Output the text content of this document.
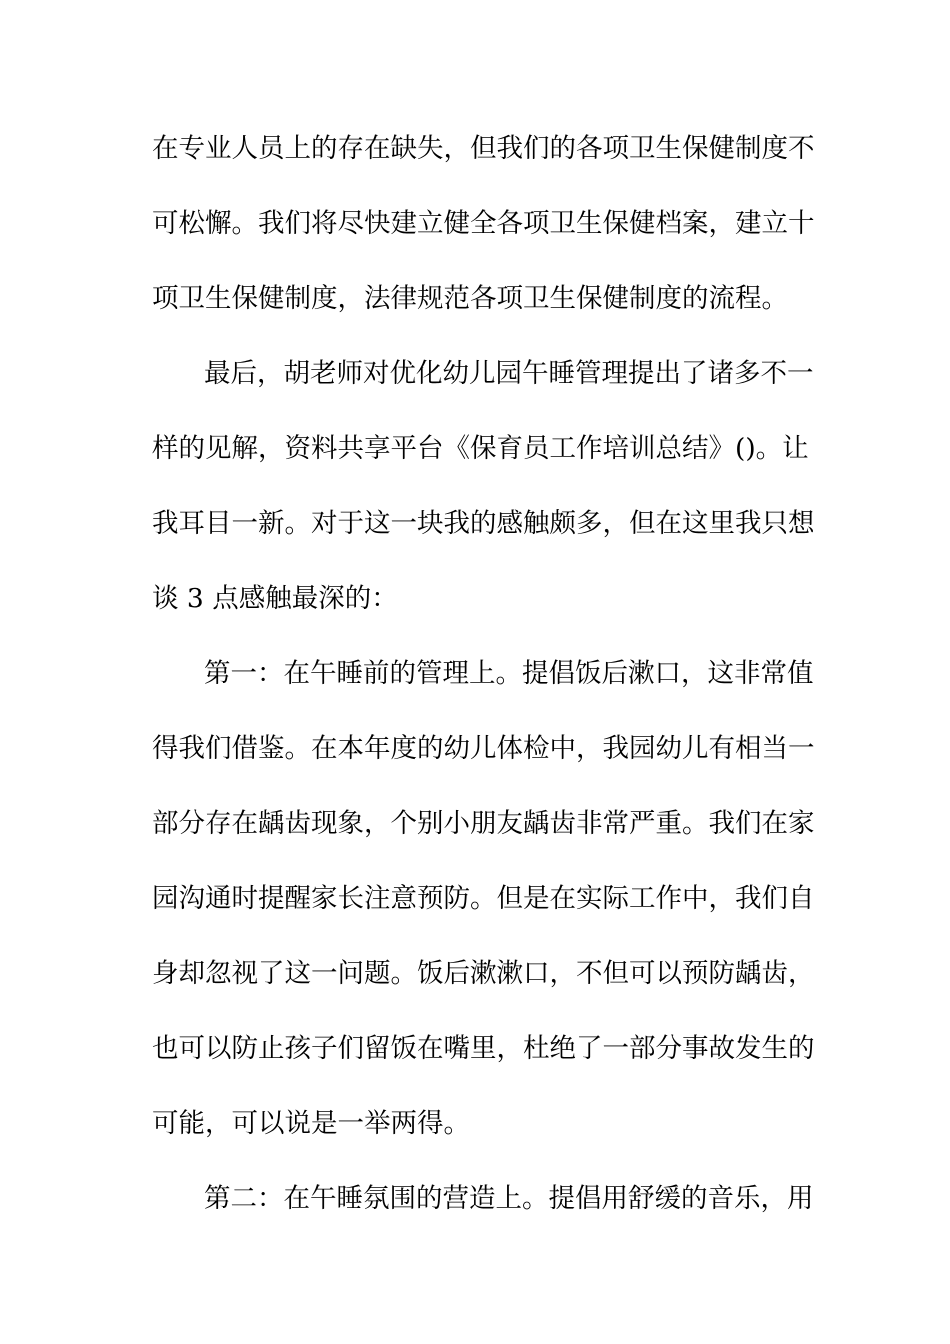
在专业人员上的存在缺失，但我们的各项卫生保健制度不
可松懈。我们将尽快建立健全各项卫生保健档案，建立十
项卫生保健制度，法律规范各项卫生保健制度的流程。
最后，胡老师对优化幼儿园午睡管理提出了诸多不一
样的见解，资料共享平台《保育员工作培训总结》()。让
我耳目一新。对于这一块我的感触颇多，但在这里我只想
谈 3 点感触最深的：
第一：在午睡前的管理上。提倡饭后漱口，这非常值
得我们借鉴。在本年度的幼儿体检中，我园幼儿有相当一
部分存在龋齿现象，个别小朋友龋齿非常严重。我们在家
园沟通时提醒家长注意预防。但是在实际工作中，我们自
身却忽视了这一问题。饭后漱漱口，不但可以预防龋齿，
也可以防止孩子们留饭在嘴里，杜绝了一部分事故发生的
可能，可以说是一举两得。
第二：在午睡氛围的营造上。提倡用舒缓的音乐，用
